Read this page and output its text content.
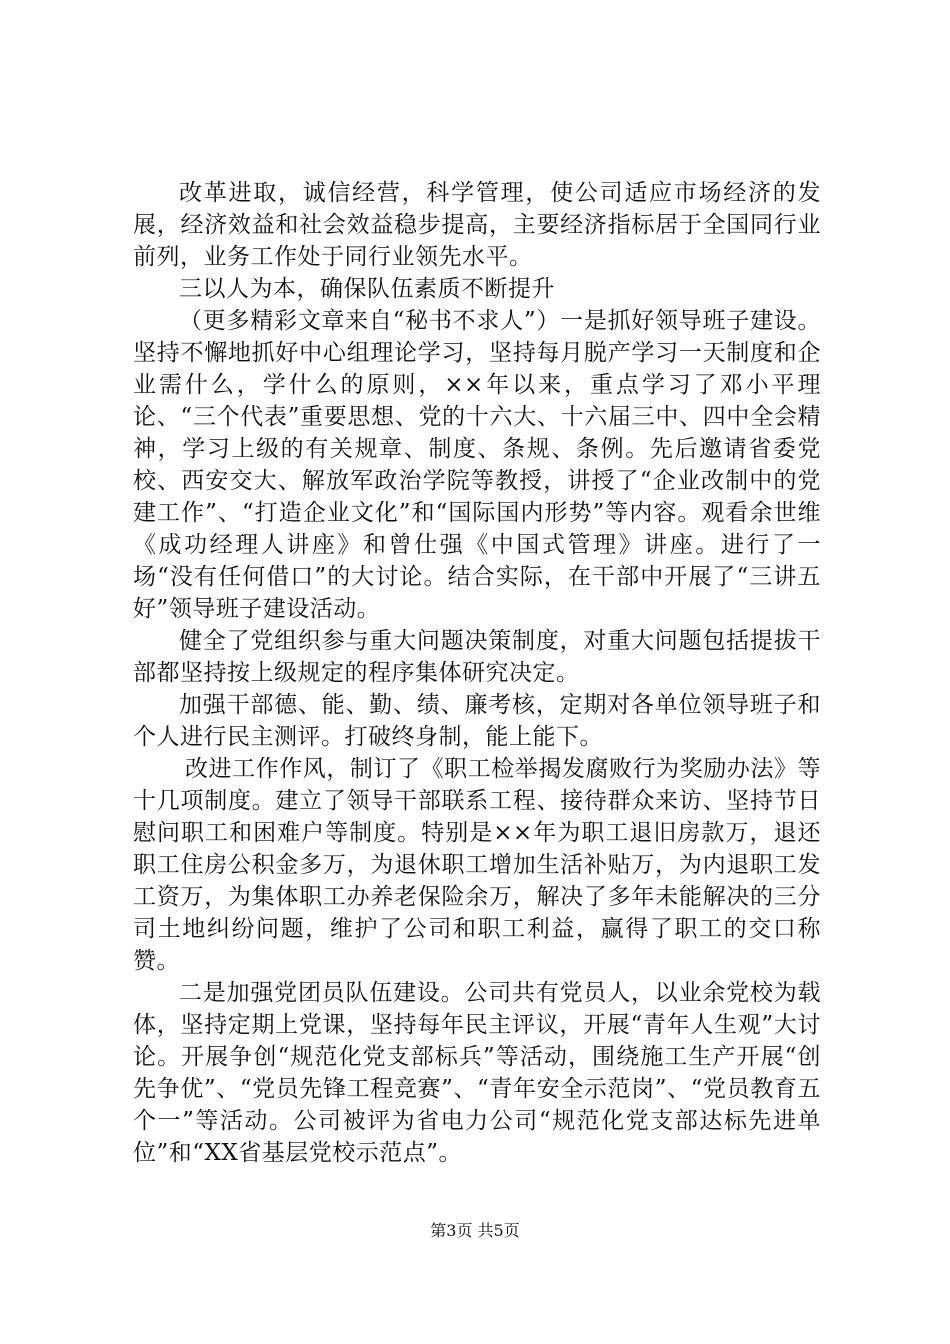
改革进取，诚信经营，科学管理，使公司适应市场经济的发展，经济效益和社会效益稳步提高，主要经济指标居于全国同行业前列，业务工作处于同行业领先水平。

三以人为本，确保队伍素质不断提升

（更多精彩文章来自“秘书不求人”）一是抓好领导班子建设。坚持不懈地抓好中心组理论学习，坚持每月脱产学习一天制度和企业需什么，学什么的原则，××年以来，重点学习了邓小平理论、“三个代表”重要思想、党的十六大、十六届三中、四中全会精神，学习上级的有关规章、制度、条规、条例。先后邀请省委党校、西安交大、解放军政治学院等教授，讲授了“企业改制中的党建工作”、“打造企业文化”和“国际国内形势”等内容。观看余世维《成功经理人讲座》和曾仕强《中国式管理》讲座。进行了一场“没有任何借口”的大讨论。结合实际，在干部中开展了“三讲五好”领导班子建设活动。

健全了党组织参与重大问题决策制度，对重大问题包括提拔干部都坚持按上级规定的程序集体研究决定。

加强干部德、能、勤、绩、廉考核，定期对各单位领导班子和个人进行民主测评。打破终身制，能上能下。

改进工作作风，制订了《职工检举揭发腐败行为奖励办法》等十几项制度。建立了领导干部联系工程、接待群众来访、坚持节日慰问职工和困难户等制度。特别是××年为职工退旧房款万，退还职工住房公积金多万，为退休职工增加生活补贴万，为内退职工发工资万，为集体职工办养老保险余万，解决了多年未能解决的三分司土地纠纷问题，维护了公司和职工利益，赢得了职工的交口称赞。

二是加强党团员队伍建设。公司共有党员人，以业余党校为载体，坚持定期上党课，坚持每年民主评议，开展“青年人生观”大讨论。开展争创“规范化党支部标兵”等活动，围绕施工生产开展“创先争优”、“党员先锋工程竞赛”、“青年安全示范岗”、“党员教育五个一”等活动。公司被评为省电力公司“规范化党支部达标先进单位”和“XX省基层党校示范点”。

第3页 共5页
